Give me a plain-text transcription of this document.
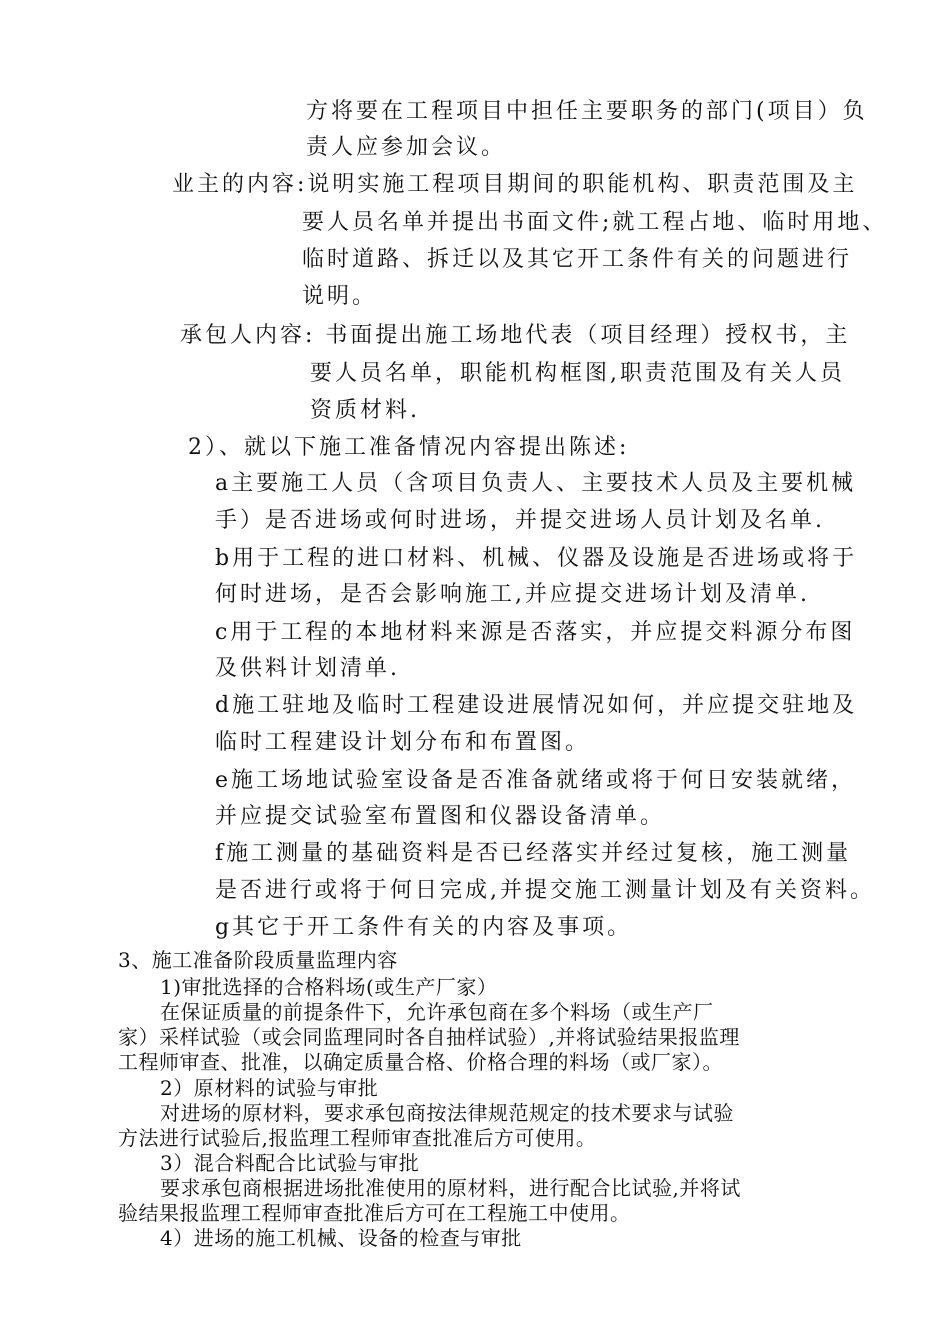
方将要在工程项目中担任主要职务的部门(项目）负

责人应参加会议。

业主的内容:说明实施工程项目期间的职能机构、职责范围及主

要人员名单并提出书面文件;就工程占地、临时用地、

临时道路、拆迁以及其它开工条件有关的问题进行

说明。

承包人内容: 书面提出施工场地代表（项目经理）授权书，主

要人员名单，职能机构框图,职责范围及有关人员

资质材料.

2）、就以下施工准备情况内容提出陈述:

a主要施工人员（含项目负责人、主要技术人员及主要机械

手）是否进场或何时进场，并提交进场人员计划及名单.

b用于工程的进口材料、机械、仪器及设施是否进场或将于

何时进场，是否会影响施工,并应提交进场计划及清单.

c用于工程的本地材料来源是否落实，并应提交料源分布图

及供料计划清单.

d施工驻地及临时工程建设进展情况如何，并应提交驻地及

临时工程建设计划分布和布置图。

e施工场地试验室设备是否准备就绪或将于何日安装就绪，

并应提交试验室布置图和仪器设备清单。

f施工测量的基础资料是否已经落实并经过复核，施工测量

是否进行或将于何日完成,并提交施工测量计划及有关资料。

g其它于开工条件有关的内容及事项。

3、施工准备阶段质量监理内容

1)审批选择的合格料场(或生产厂家）

在保证质量的前提条件下，允许承包商在多个料场（或生产厂

家）采样试验（或会同监理同时各自抽样试验）,并将试验结果报监理

工程师审查、批准，以确定质量合格、价格合理的料场（或厂家）。

2）原材料的试验与审批

对进场的原材料，要求承包商按法律规范规定的技术要求与试验

方法进行试验后,报监理工程师审查批准后方可使用。

3）混合料配合比试验与审批

要求承包商根据进场批准使用的原材料，进行配合比试验,并将试

验结果报监理工程师审查批准后方可在工程施工中使用。

4）进场的施工机械、设备的检查与审批
